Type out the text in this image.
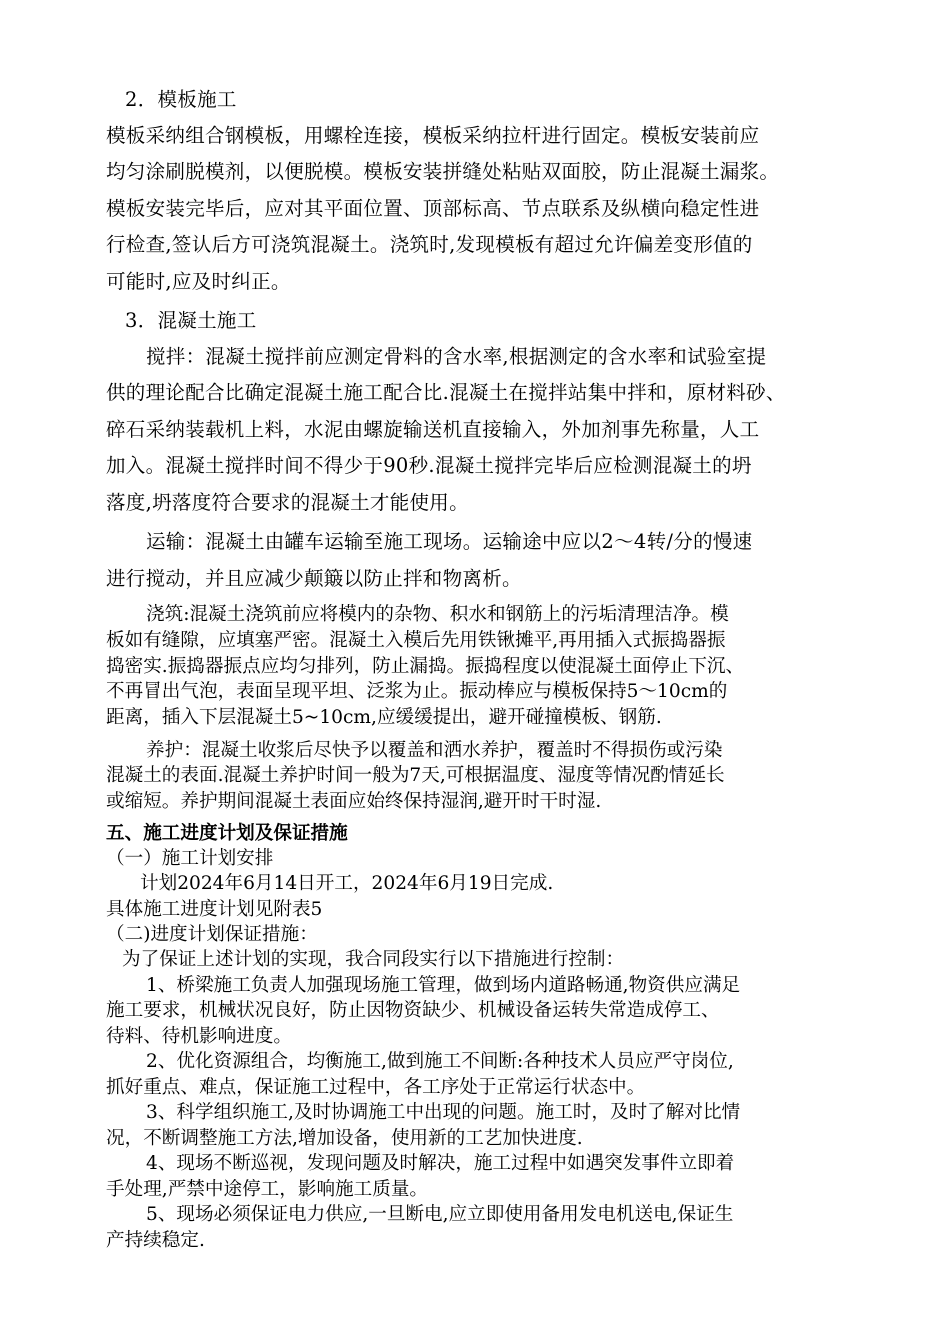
2．模板施工
模板采纳组合钢模板，用螺栓连接，模板采纳拉杆进行固定。模板安装前应
均匀涂刷脱模剂，以便脱模。模板安装拼缝处粘贴双面胶，防止混凝土漏浆。
模板安装完毕后，应对其平面位置、顶部标高、节点联系及纵横向稳定性进
行检查,签认后方可浇筑混凝土。浇筑时,发现模板有超过允许偏差变形值的
可能时,应及时纠正。
3．混凝土施工
搅拌：混凝土搅拌前应测定骨料的含水率,根据测定的含水率和试验室提
供的理论配合比确定混凝土施工配合比.混凝土在搅拌站集中拌和，原材料砂、
碎石采纳装载机上料，水泥由螺旋输送机直接输入，外加剂事先称量，人工
加入。混凝土搅拌时间不得少于90秒.混凝土搅拌完毕后应检测混凝土的坍
落度,坍落度符合要求的混凝土才能使用。
运输：混凝土由罐车运输至施工现场。运输途中应以2～4转/分的慢速
进行搅动，并且应减少颠簸以防止拌和物离析。
浇筑:混凝土浇筑前应将模内的杂物、积水和钢筋上的污垢清理洁净。模
板如有缝隙，应填塞严密。混凝土入模后先用铁锹摊平,再用插入式振捣器振
捣密实.振捣器振点应均匀排列，防止漏捣。振捣程度以使混凝土面停止下沉、
不再冒出气泡，表面呈现平坦、泛浆为止。振动棒应与模板保持5～10cm的
距离，插入下层混凝土5~10cm,应缓缓提出，避开碰撞模板、钢筋.
养护：混凝土收浆后尽快予以覆盖和洒水养护，覆盖时不得损伤或污染
混凝土的表面.混凝土养护时间一般为7天,可根据温度、湿度等情况酌情延长
或缩短。养护期间混凝土表面应始终保持湿润,避开时干时湿.
五、施工进度计划及保证措施
（一）施工计划安排
计划2024年6月14日开工，2024年6月19日完成.
具体施工进度计划见附表5
（二)进度计划保证措施：
为了保证上述计划的实现，我合同段实行以下措施进行控制：
1、桥梁施工负责人加强现场施工管理，做到场内道路畅通,物资供应满足
施工要求，机械状况良好，防止因物资缺少、机械设备运转失常造成停工、
待料、待机影响进度。
2、优化资源组合，均衡施工,做到施工不间断:各种技术人员应严守岗位,
抓好重点、难点，保证施工过程中，各工序处于正常运行状态中。
3、科学组织施工,及时协调施工中出现的问题。施工时，及时了解对比情
况，不断调整施工方法,增加设备，使用新的工艺加快进度.
4、现场不断巡视，发现问题及时解决，施工过程中如遇突发事件立即着
手处理,严禁中途停工，影响施工质量。
5、现场必须保证电力供应,一旦断电,应立即使用备用发电机送电,保证生
产持续稳定.
